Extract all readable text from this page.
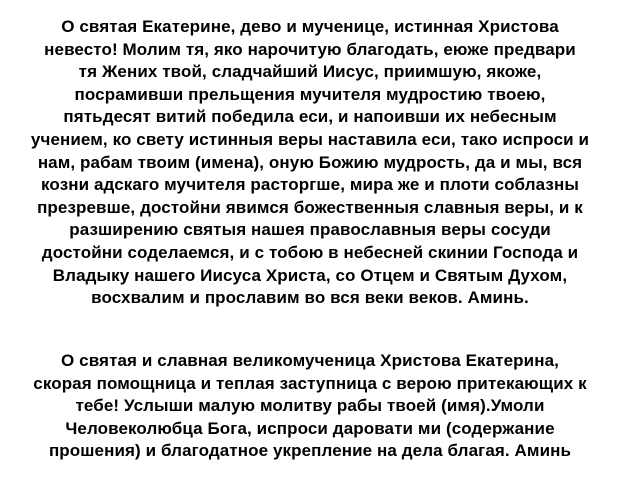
О святая Екатерине, дево и мученице, истинная Христова
невесто! Молим тя, яко нарочитую благодать, еюже предвари
тя Жених твой, сладчайший Иисус, приимшую, якоже,
посрамивши прельщения мучителя мудростию твоею,
пятьдесят витий победила еси, и напоивши их небесным
учением, ко свету истинныя веры наставила еси, тако испроси и
нам, рабам твоим (имена), оную Божию мудрость, да и мы, вся
козни адскаго мучителя расторгше, мира же и плоти соблазны
презревше, достойни явимся божественныя славныя веры, и к
разширению святыя нашея православныя веры сосуди
достойни соделаемся, и с тобою в небесней скинии Господа и
Владыку нашего Иисуса Христа, со Отцем и Святым Духом,
восхвалим и прославим во вся веки веков. Аминь.
О святая и славная великомученица Христова Екатерина,
скорая помощница и теплая заступница с верою притекающих к
тебе! Услыши малую молитву рабы твоей (имя).Умоли
Человеколюбца Бога, испроси даровати ми (содержание
прошения) и благодатное укрепление на дела благая. Аминь
